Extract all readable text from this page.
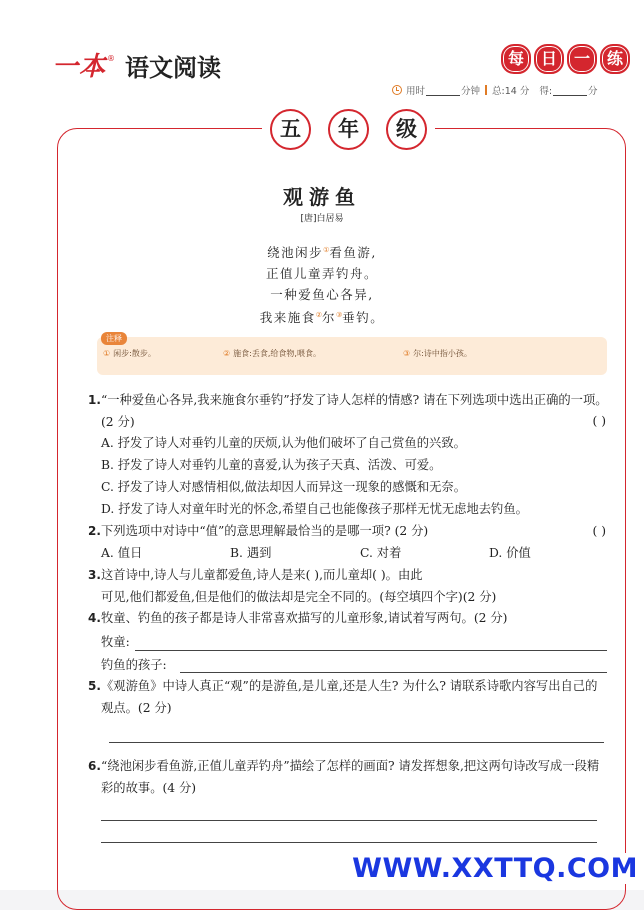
一本 ® 语文阅读	每	日	一	练
用时	分钟 总:14 分 得:	分
五	年	级
观游鱼
[唐]白居易
绕池闲步①看鱼游,
正值儿童弄钓舟。
一种爱鱼心各异,
我来施食②尔③垂钓。
注释
① 闲步:散步。	② 施食:丢食,给食物,喂食。	③ 尔:诗中指小孩。
1. “一种爱鱼心各异,我来施食尔垂钓”抒发了诗人怎样的情感? 请在下列选项中选出正确的一项。(2 分)	( )
A. 抒发了诗人对垂钓儿童的厌烦,认为他们破坏了自己赏鱼的兴致。
B. 抒发了诗人对垂钓儿童的喜爱,认为孩子天真、活泼、可爱。
C. 抒发了诗人对感情相似,做法却因人而异这一现象的感慨和无奈。
D. 抒发了诗人对童年时光的怀念,希望自己也能像孩子那样无忧无虑地去钓鱼。
2. 下列选项中对诗中“值”的意思理解最恰当的是哪一项? (2 分)	( )
A. 值日	B. 遇到	C. 对着	D. 价值
3. 这首诗中,诗人与儿童都爱鱼,诗人是来( ),而儿童却( )。由此
可见,他们都爱鱼,但是他们的做法却是完全不同的。(每空填四个字)(2 分)
4. 牧童、钓鱼的孩子都是诗人非常喜欢描写的儿童形象,请试着写两句。(2 分)
牧童:
钓鱼的孩子:
5. 《观游鱼》中诗人真正“观”的是游鱼,是儿童,还是人生? 为什么? 请联系诗歌内容写出自己的观点。(2 分)
6. “绕池闲步看鱼游,正值儿童弄钓舟”描绘了怎样的画面? 请发挥想象,把这两句诗改写成一段精彩的故事。(4 分)
WWW.XXTTQ.COM
